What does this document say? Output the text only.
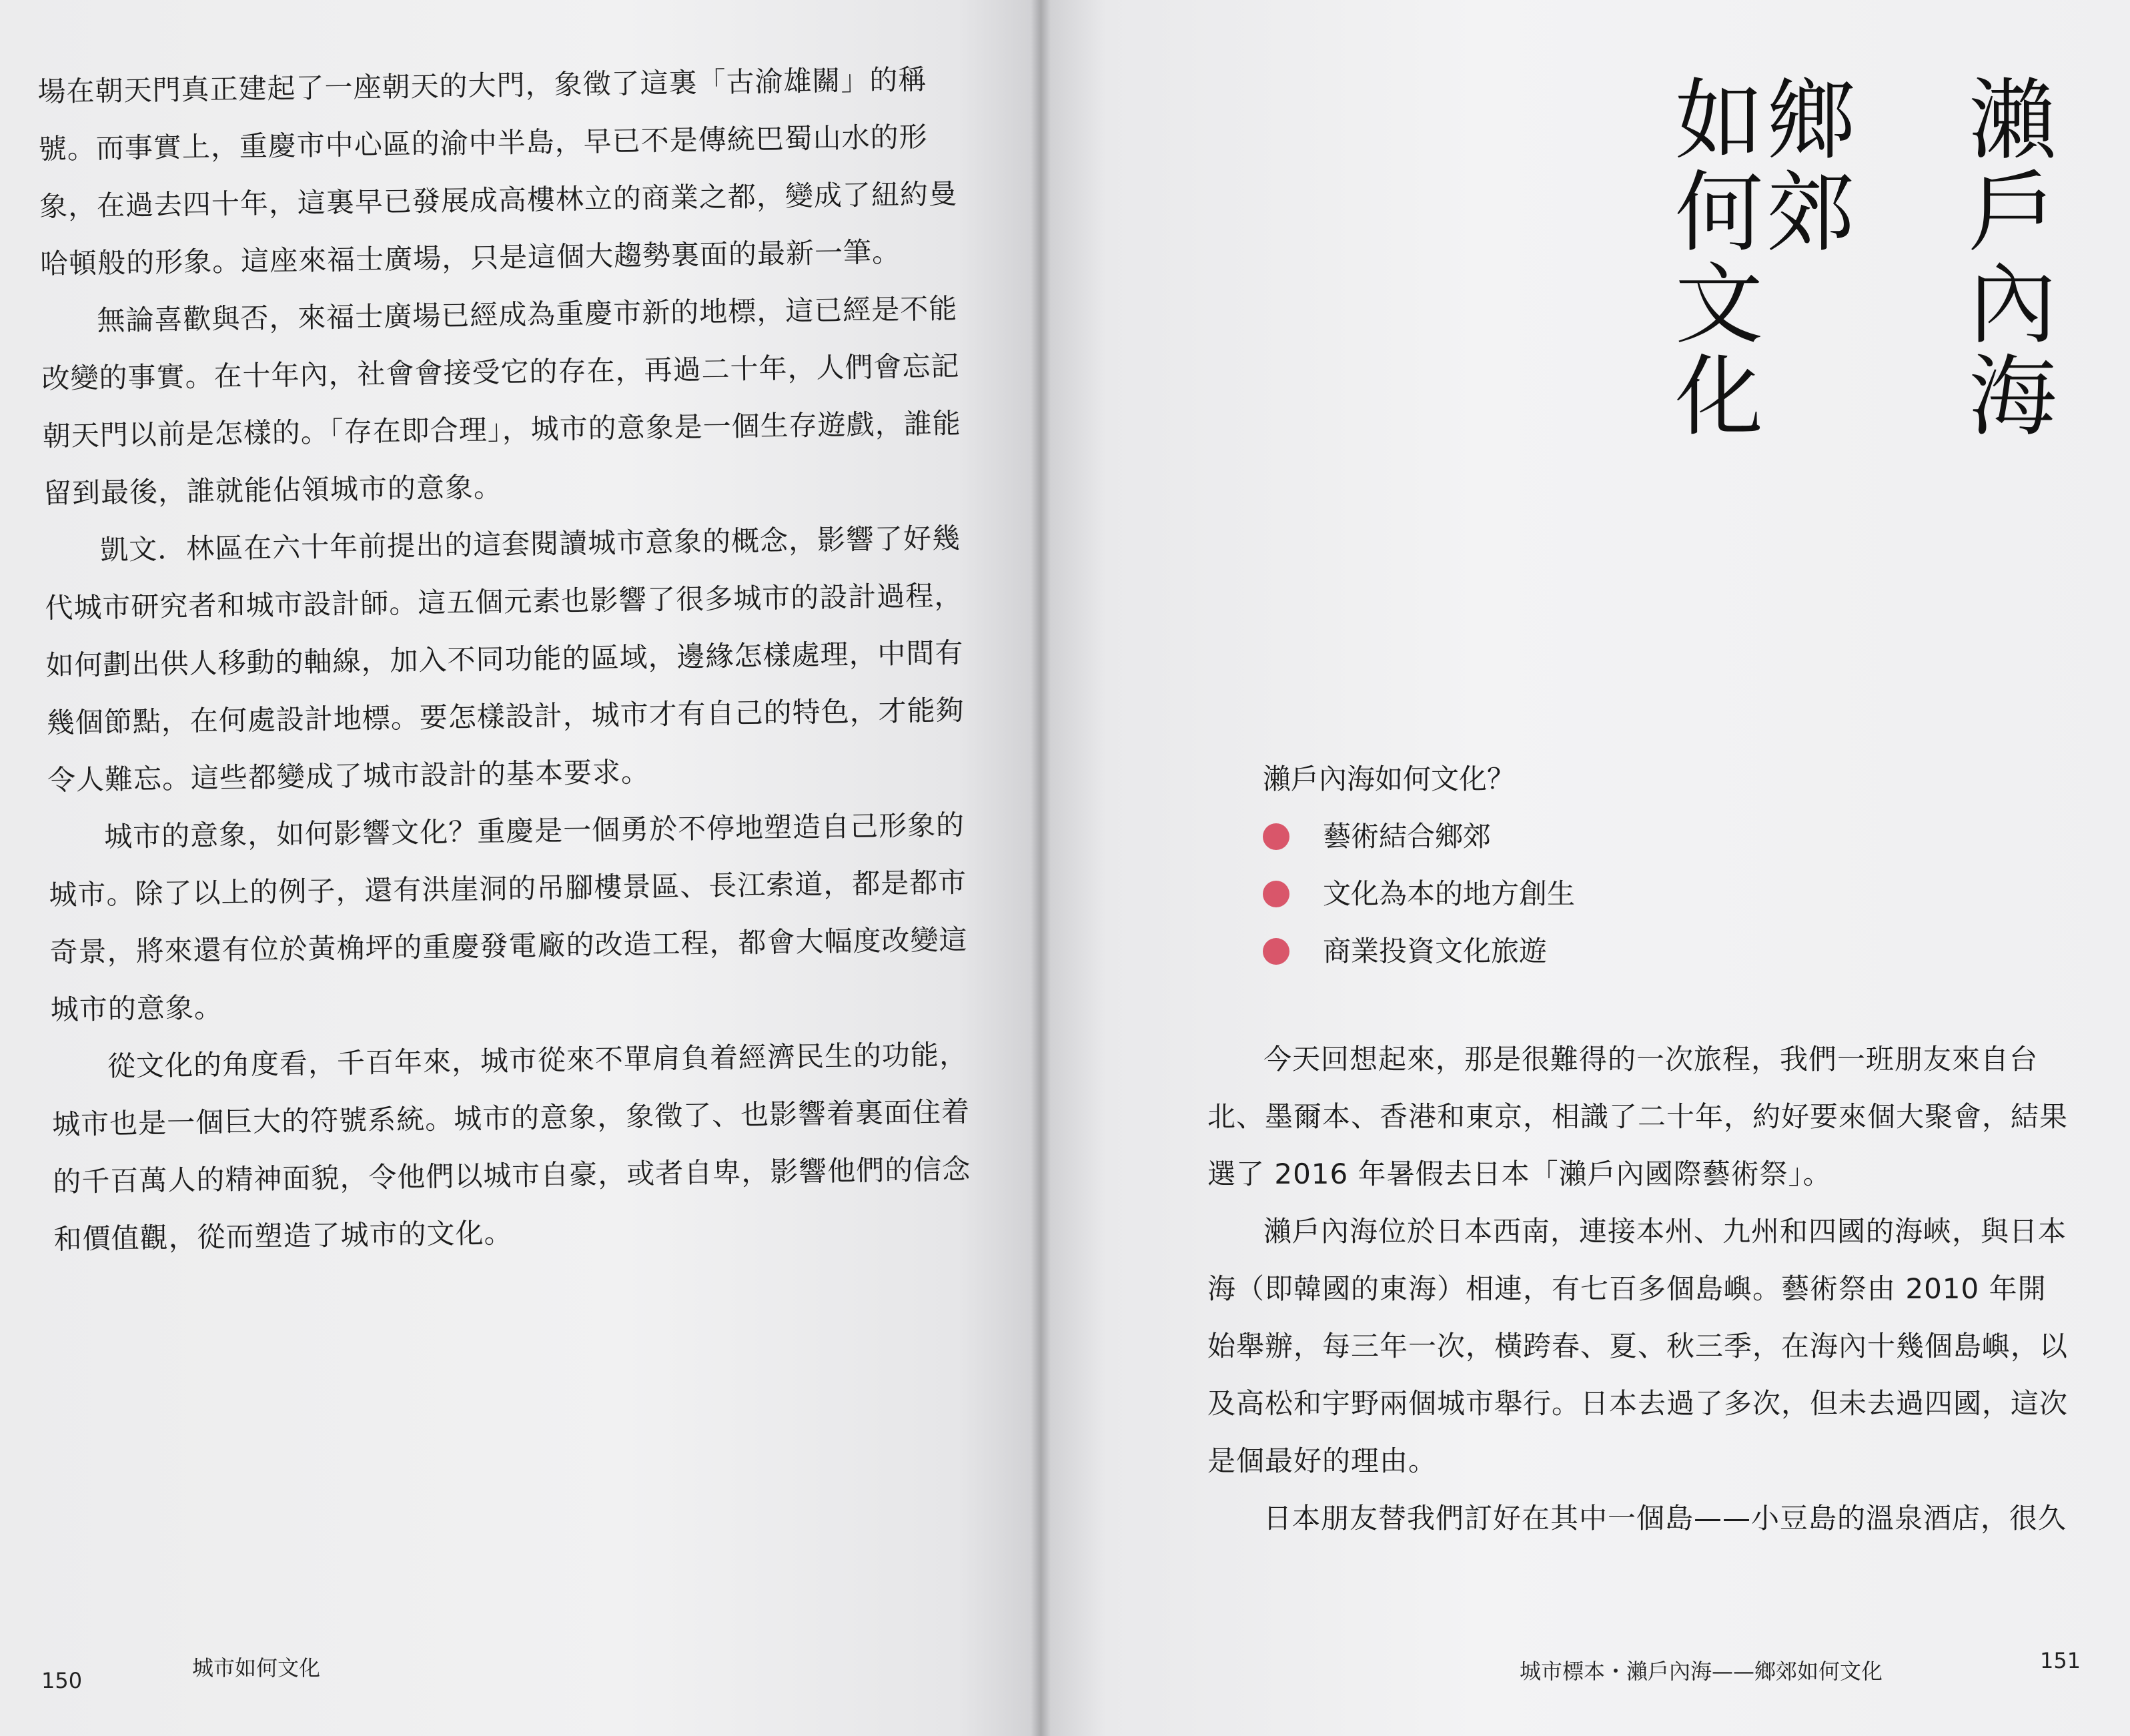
場在朝天門真正建起了一座朝天的大門，象徵了這裏「古渝雄關」的稱號。而事實上，重慶市中心區的渝中半島，早已不是傳統巴蜀山水的形象，在過去四十年，這裏早已發展成高樓林立的商業之都，變成了紐約曼哈頓般的形象。這座來福士廣場，只是這個大趨勢裏面的最新一筆。

無論喜歡與否，來福士廣場已經成為重慶市新的地標，這已經是不能改變的事實。在十年內，社會會接受它的存在，再過二十年，人們會忘記朝天門以前是怎樣的。「存在即合理」，城市的意象是一個生存遊戲，誰能留到最後，誰就能佔領城市的意象。

凱文．林區在六十年前提出的這套閱讀城市意象的概念，影響了好幾代城市研究者和城市設計師。這五個元素也影響了很多城市的設計過程，如何劃出供人移動的軸線，加入不同功能的區域，邊緣怎樣處理，中間有幾個節點，在何處設計地標。要怎樣設計，城市才有自己的特色，才能夠令人難忘。這些都變成了城市設計的基本要求。

城市的意象，如何影響文化？重慶是一個勇於不停地塑造自己形象的城市。除了以上的例子，還有洪崖洞的吊腳樓景區、長江索道，都是都市奇景，將來還有位於黃桷坪的重慶發電廠的改造工程，都會大幅度改變這城市的意象。

從文化的角度看，千百年來，城市從來不單肩負着經濟民生的功能，城市也是一個巨大的符號系統。城市的意象，象徵了、也影響着裏面住着的千百萬人的精神面貌，令他們以城市自豪，或者自卑，影響他們的信念和價值觀，從而塑造了城市的文化。

150	城市如何文化
瀨戶內海
鄉郊
如何文化

瀨戶內海如何文化？

藝術結合鄉郊
文化為本的地方創生
商業投資文化旅遊

今天回想起來，那是很難得的一次旅程，我們一班朋友來自台北、墨爾本、香港和東京，相識了二十年，約好要來個大聚會，結果選了 2016 年暑假去日本「瀨戶內國際藝術祭」。

瀨戶內海位於日本西南，連接本州、九州和四國的海峽，與日本海（即韓國的東海）相連，有七百多個島嶼。藝術祭由 2010 年開始舉辦，每三年一次，橫跨春、夏、秋三季，在海內十幾個島嶼，以及高松和宇野兩個城市舉行。日本去過了多次，但未去過四國，這次是個最好的理由。

日本朋友替我們訂好在其中一個島——小豆島的溫泉酒店，很久

城市標本・瀨戶內海——鄉郊如何文化	151
